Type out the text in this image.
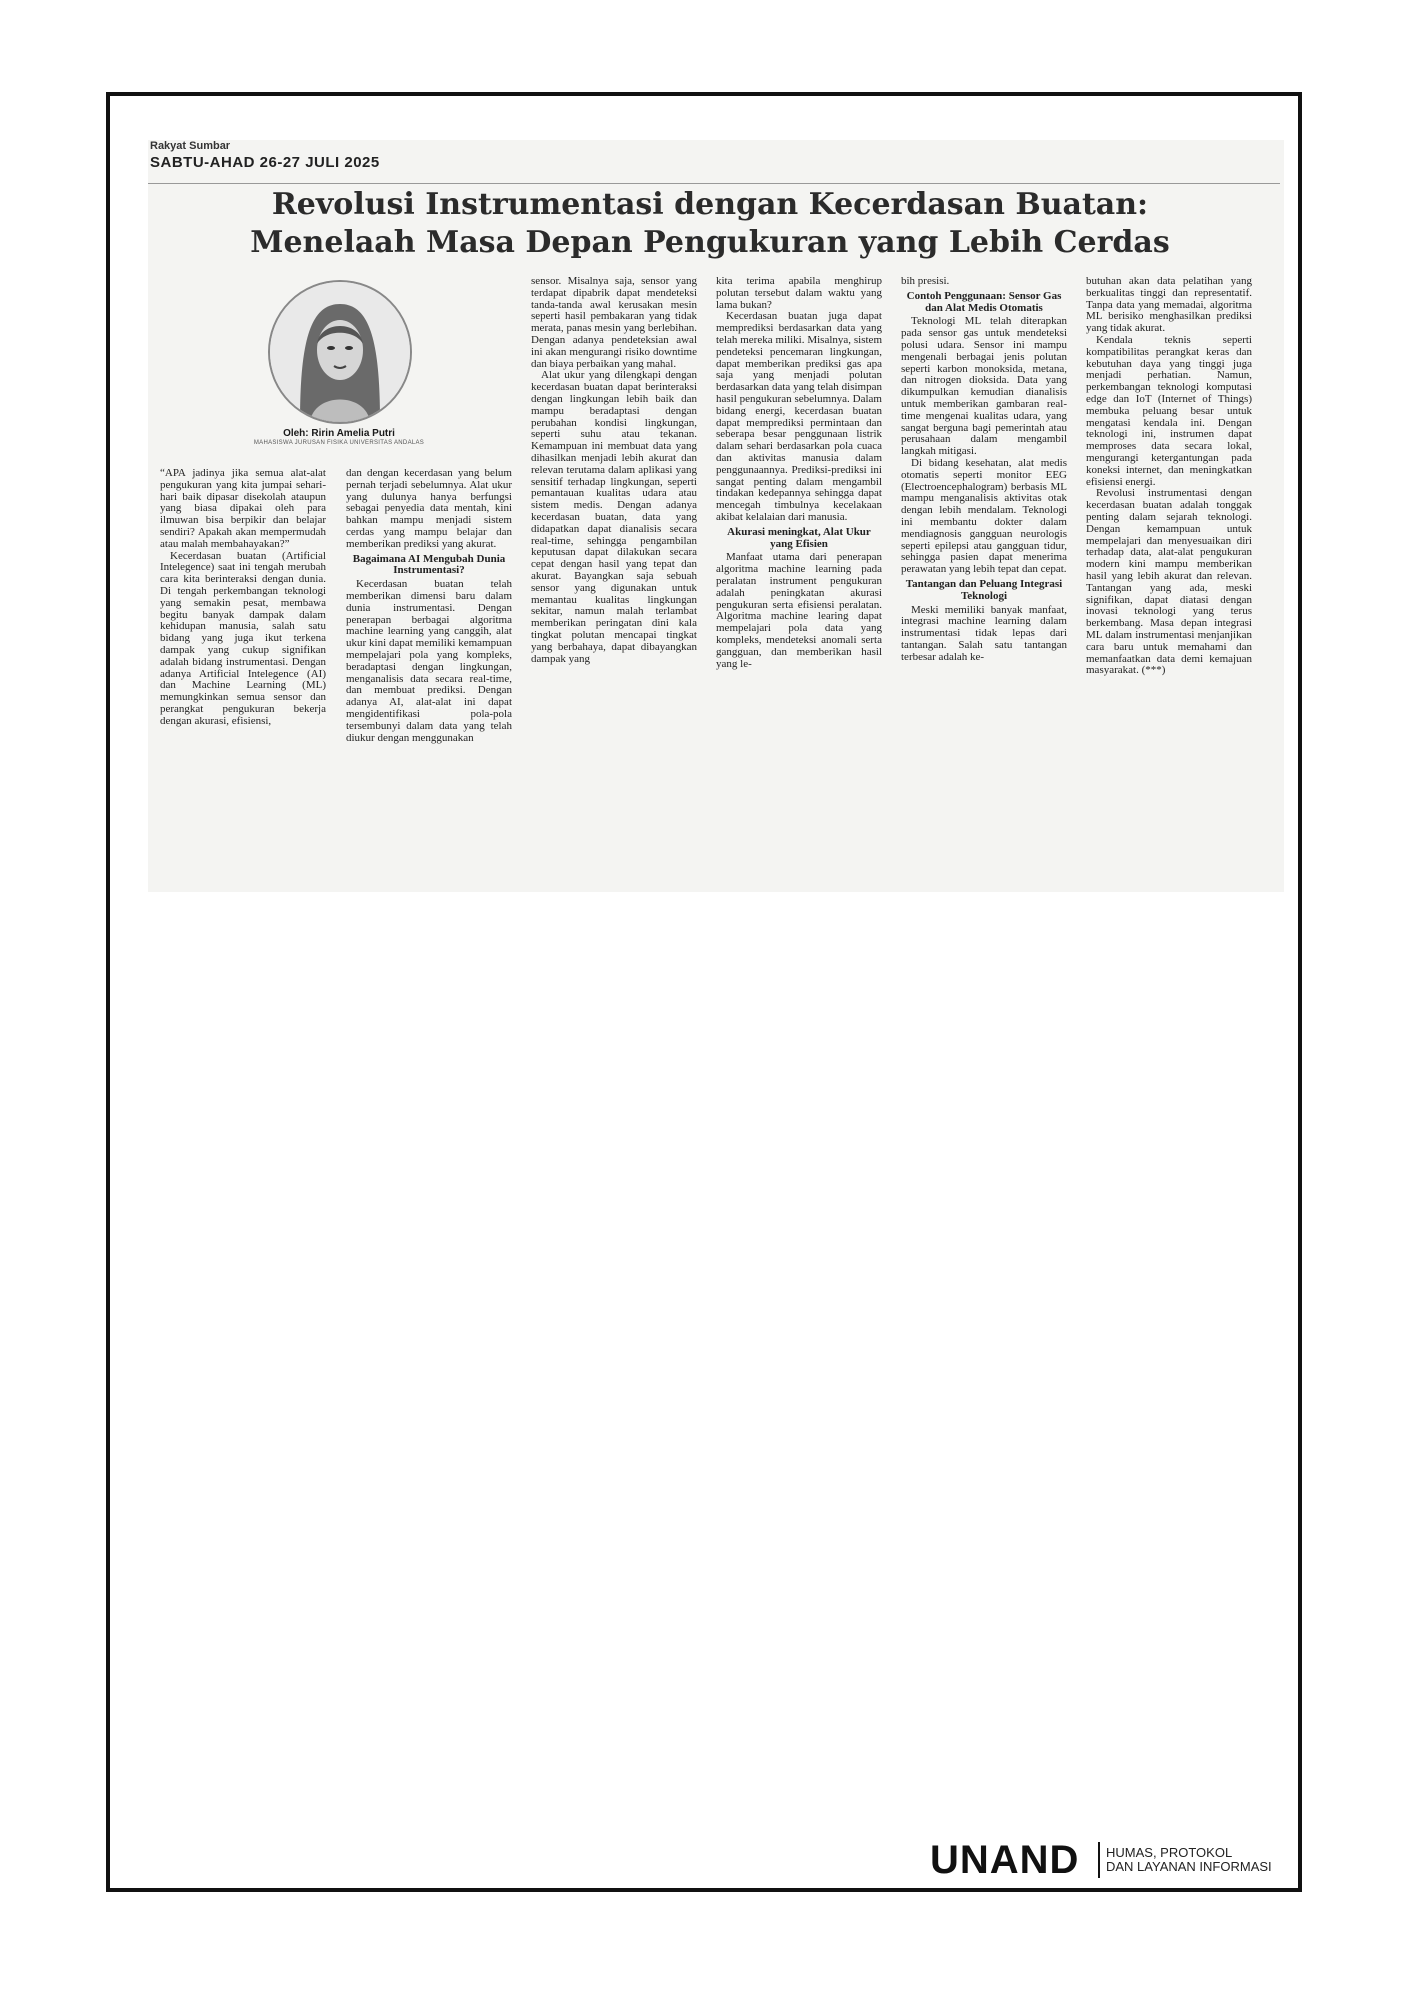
Rakyat Sumbar
SABTU-AHAD 26-27 JULI 2025
Revolusi Instrumentasi dengan Kecerdasan Buatan:
Menelaah Masa Depan Pengukuran yang Lebih Cerdas
Oleh: Ririn Amelia Putri
MAHASISWA JURUSAN FISIKA UNIVERSITAS ANDALAS

“APA jadinya jika semua alat-alat pengukuran yang kita jumpai sehari-hari baik dipasar disekolah ataupun yang biasa dipakai oleh para ilmuwan bisa berpikir dan belajar sendiri? Apakah akan mempermudah atau malah membahayakan?”

Kecerdasan buatan (Artificial Intelegence) saat ini tengah merubah cara kita berinteraksi dengan dunia. Di tengah perkembangan teknologi yang semakin pesat, membawa begitu banyak dampak dalam kehidupan manusia, salah satu bidang yang juga ikut terkena dampak yang cukup signifikan adalah bidang instrumentasi. Dengan adanya Artificial Intelegence (AI) dan Machine Learning (ML) memungkinkan semua sensor dan perangkat pengukuran bekerja dengan akurasi, efisiensi,

dan dengan kecerdasan yang belum pernah terjadi sebelumnya. Alat ukur yang dulunya hanya berfungsi sebagai penyedia data mentah, kini bahkan mampu menjadi sistem cerdas yang mampu belajar dan memberikan prediksi yang akurat.

Bagaimana AI Mengubah Dunia Instrumentasi?

Kecerdasan buatan telah memberikan dimensi baru dalam dunia instrumentasi. Dengan penerapan berbagai algoritma machine learning yang canggih, alat ukur kini dapat memiliki kemampuan mempelajari pola yang kompleks, beradaptasi dengan lingkungan, menganalisis data secara real-time, dan membuat prediksi. Dengan adanya AI, alat-alat ini dapat mengidentifikasi pola-pola tersembunyi dalam data yang telah diukur dengan menggunakan

sensor. Misalnya saja, sensor yang terdapat dipabrik dapat mendeteksi tanda-tanda awal kerusakan mesin seperti hasil pembakaran yang tidak merata, panas mesin yang berlebihan. Dengan adanya pendeteksian awal ini akan mengurangi risiko downtime dan biaya perbaikan yang mahal.

Alat ukur yang dilengkapi dengan kecerdasan buatan dapat berinteraksi dengan lingkungan lebih baik dan mampu beradaptasi dengan perubahan kondisi lingkungan, seperti suhu atau tekanan. Kemampuan ini membuat data yang dihasilkan menjadi lebih akurat dan relevan terutama dalam aplikasi yang sensitif terhadap lingkungan, seperti pemantauan kualitas udara atau sistem medis. Dengan adanya kecerdasan buatan, data yang didapatkan dapat dianalisis secara real-time, sehingga pengambilan keputusan dapat dilakukan secara cepat dengan hasil yang tepat dan akurat. Bayangkan saja sebuah sensor yang digunakan untuk memantau kualitas lingkungan sekitar, namun malah terlambat memberikan peringatan dini kala tingkat polutan mencapai tingkat yang berbahaya, dapat dibayangkan dampak yang

kita terima apabila menghirup polutan tersebut dalam waktu yang lama bukan?

Kecerdasan buatan juga dapat memprediksi berdasarkan data yang telah mereka miliki. Misalnya, sistem pendeteksi pencemaran lingkungan, dapat memberikan prediksi gas apa saja yang menjadi polutan berdasarkan data yang telah disimpan hasil pengukuran sebelumnya. Dalam bidang energi, kecerdasan buatan dapat memprediksi permintaan dan seberapa besar penggunaan listrik dalam sehari berdasarkan pola cuaca dan aktivitas manusia dalam penggunaannya. Prediksi-prediksi ini sangat penting dalam mengambil tindakan kedepannya sehingga dapat mencegah timbulnya kecelakaan akibat kelalaian dari manusia.

Akurasi meningkat, Alat Ukur yang Efisien

Manfaat utama dari penerapan algoritma machine learning pada peralatan instrument pengukuran adalah peningkatan akurasi pengukuran serta efisiensi peralatan. Algoritma machine learing dapat mempelajari pola data yang kompleks, mendeteksi anomali serta gangguan, dan memberikan hasil yang le-

bih presisi.

Contoh Penggunaan: Sensor Gas dan Alat Medis Otomatis

Teknologi ML telah diterapkan pada sensor gas untuk mendeteksi polusi udara. Sensor ini mampu mengenali berbagai jenis polutan seperti karbon monoksida, metana, dan nitrogen dioksida. Data yang dikumpulkan kemudian dianalisis untuk memberikan gambaran real-time mengenai kualitas udara, yang sangat berguna bagi pemerintah atau perusahaan dalam mengambil langkah mitigasi.

Di bidang kesehatan, alat medis otomatis seperti monitor EEG (Electroencephalogram) berbasis ML mampu menganalisis aktivitas otak dengan lebih mendalam. Teknologi ini membantu dokter dalam mendiagnosis gangguan neurologis seperti epilepsi atau gangguan tidur, sehingga pasien dapat menerima perawatan yang lebih tepat dan cepat.

Tantangan dan Peluang Integrasi Teknologi

Meski memiliki banyak manfaat, integrasi machine learning dalam instrumentasi tidak lepas dari tantangan. Salah satu tantangan terbesar adalah ke-

butuhan akan data pelatihan yang berkualitas tinggi dan representatif. Tanpa data yang memadai, algoritma ML berisiko menghasilkan prediksi yang tidak akurat.

Kendala teknis seperti kompatibilitas perangkat keras dan kebutuhan daya yang tinggi juga menjadi perhatian. Namun, perkembangan teknologi komputasi edge dan IoT (Internet of Things) membuka peluang besar untuk mengatasi kendala ini. Dengan teknologi ini, instrumen dapat memproses data secara lokal, mengurangi ketergantungan pada koneksi internet, dan meningkatkan efisiensi energi.

Revolusi instrumentasi dengan kecerdasan buatan adalah tonggak penting dalam sejarah teknologi. Dengan kemampuan untuk mempelajari dan menyesuaikan diri terhadap data, alat-alat pengukuran modern kini mampu memberikan hasil yang lebih akurat dan relevan. Tantangan yang ada, meski signifikan, dapat diatasi dengan inovasi teknologi yang terus berkembang. Masa depan integrasi ML dalam instrumentasi menjanjikan cara baru untuk memahami dan memanfaatkan data demi kemajuan masyarakat. (***)

UNAND HUMAS, PROTOKOL
DAN LAYANAN INFORMASI
